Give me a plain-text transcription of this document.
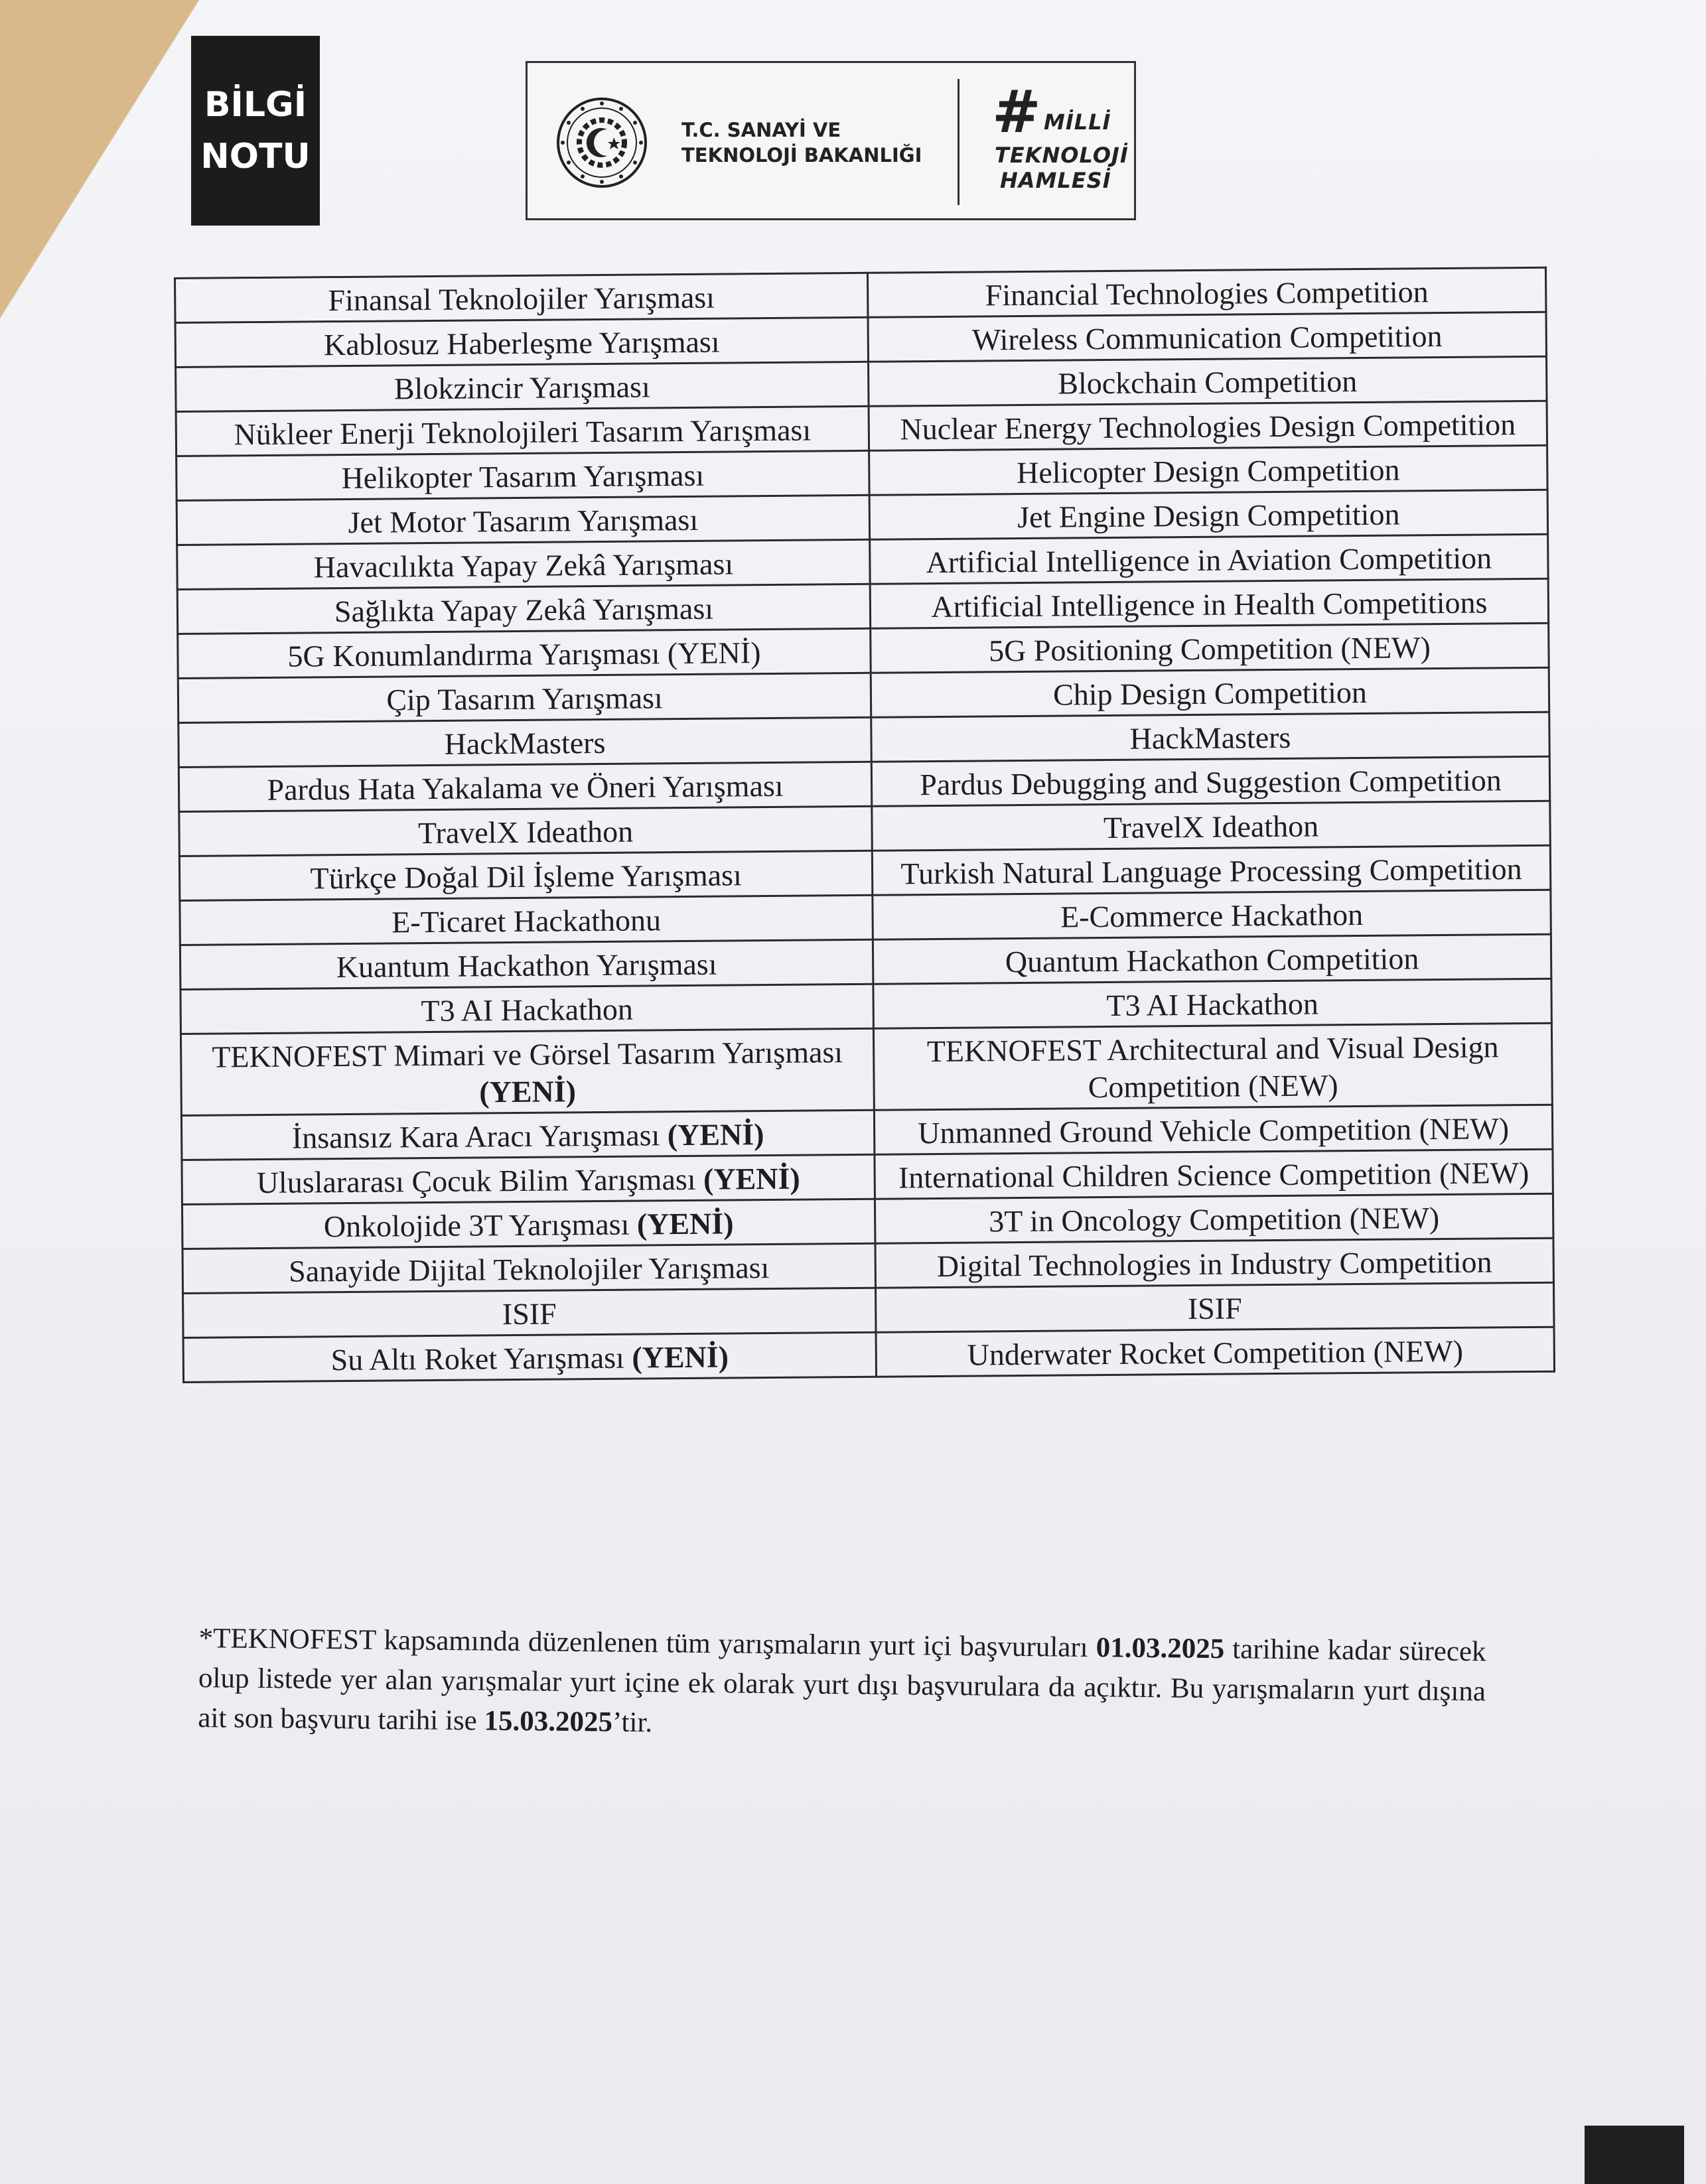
BİLGİ
NOTU
T.C. SANAYİ VE
TEKNOLOJİ BAKANLIĞI
# MİLLİ
TEKNOLOJİ
HAMLESİ
Finansal Teknolojiler Yarışması	Financial Technologies Competition
Kablosuz Haberleşme Yarışması	Wireless Communication Competition
Blokzincir Yarışması	Blockchain Competition
Nükleer Enerji Teknolojileri Tasarım Yarışması	Nuclear Energy Technologies Design Competition
Helikopter Tasarım Yarışması	Helicopter Design Competition
Jet Motor Tasarım Yarışması	Jet Engine Design Competition
Havacılıkta Yapay Zekâ Yarışması	Artificial Intelligence in Aviation Competition
Sağlıkta Yapay Zekâ Yarışması	Artificial Intelligence in Health Competitions
5G Konumlandırma Yarışması (YENİ)	5G Positioning Competition (NEW)
Çip Tasarım Yarışması	Chip Design Competition
HackMasters	HackMasters
Pardus Hata Yakalama ve Öneri Yarışması	Pardus Debugging and Suggestion Competition
TravelX Ideathon	TravelX Ideathon
Türkçe Doğal Dil İşleme Yarışması	Turkish Natural Language Processing Competition
E-Ticaret Hackathonu	E-Commerce Hackathon
Kuantum Hackathon Yarışması	Quantum Hackathon Competition
T3 AI Hackathon	T3 AI Hackathon
TEKNOFEST Mimari ve Görsel Tasarım Yarışması (YENİ)	TEKNOFEST Architectural and Visual Design Competition (NEW)
İnsansız Kara Aracı Yarışması (YENİ)	Unmanned Ground Vehicle Competition (NEW)
Uluslararası Çocuk Bilim Yarışması (YENİ)	International Children Science Competition (NEW)
Onkolojide 3T Yarışması (YENİ)	3T in Oncology Competition (NEW)
Sanayide Dijital Teknolojiler Yarışması	Digital Technologies in Industry Competition
ISIF	ISIF
Su Altı Roket Yarışması (YENİ)	Underwater Rocket Competition (NEW)
*TEKNOFEST kapsamında düzenlenen tüm yarışmaların yurt içi başvuruları 01.03.2025 tarihine kadar sürecek olup listede yer alan yarışmalar yurt içine ek olarak yurt dışı başvurulara da açıktır. Bu yarışmaların yurt dışına ait son başvuru tarihi ise 15.03.2025’tir.
